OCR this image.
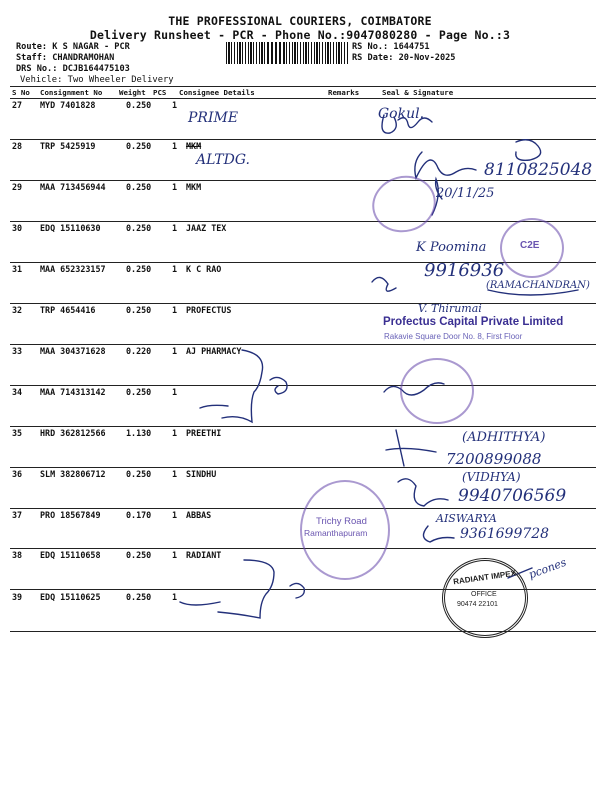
THE PROFESSIONAL COURIERS, COIMBATORE
Delivery Runsheet - PCR - Phone No.:9047080280 - Page No.:3
Route: K S NAGAR - PCR
Staff: CHANDRAMOHAN
DRS No.: DCJB164475103
Vehicle: Two Wheeler Delivery
RS No.: 1644751
RS Date: 20-Nov-2025
S No Consignment No Weight PCS Consignee Details	Remarks	Seal & Signature
27 MYD 7401828	0.250 1
28 TRP 5425919	0.250 1 MKM
29 MAA 713456944 0.250 1 MKM
30 EDQ 15110630	0.250 1 JAAZ TEX
31 MAA 652323157 0.250 1 K C RAO
32 TRP 4654416	0.250 1 PROFECTUS
33 MAA 304371628 0.220 1 AJ PHARMACY
34 MAA 714313142 0.250 1
35 HRD 362812566 1.130 1 PREETHI
36 SLM 382806712 0.250 1 SINDHU
37 PRO 18567849	0.170 1 ABBAS
38 EDQ 15110658	0.250 1 RADIANT
39 EDQ 15110625	0.250 1
PRIME
ALTDG.
Gokul.
8110825048
20/11/25
K Poomina
9916936
(RAMACHANDRAN)
V. Thirumai
(ADHITHYA)
7200899088
(VIDHYA)
9940706569
AISWARYA
9361699728
pcones
Profectus Capital Private Limited
Rakavie Square Door No. 8, First Floor
C2E
Trichy Road
Ramanthapuram
RADIANT IMPEX
OFFICE
90474 22101
